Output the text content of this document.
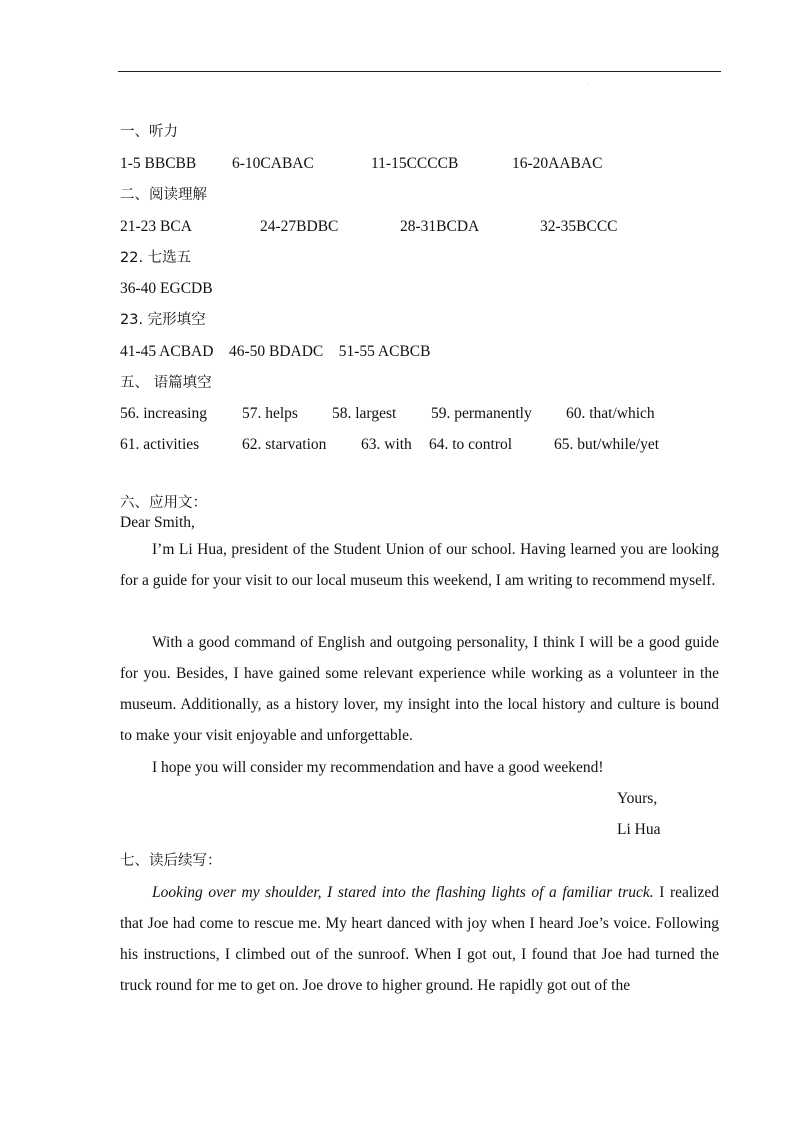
·
一、听力
1-5 BBCBB 6-10CABAC	11-15CCCCB	16-20AABAC
二、阅读理解
21-23 BCA	24-27BDBC	28-31BCDA	32-35BCCC
22. 七选五
36-40 EGCDB
23. 完形填空
41-45 ACBAD    46-50 BDADC    51-55 ACBCB
五、 语篇填空
56. increasing 57. helps 58. largest 59. permanently 60. that/which
61. activities	62. starvation 63. with 64. to control	65. but/while/yet
六、应用文：
Dear Smith,
I’m Li Hua, president of the Student Union of our school. Having learned you are looking for a guide for your visit to our local museum this weekend, I am writing to recommend myself.
With a good command of English and outgoing personality, I think I will be a good guide for you. Besides, I have gained some relevant experience while working as a volunteer in the museum. Additionally, as a history lover, my insight into the local history and culture is bound to make your visit enjoyable and unforgettable.
I hope you will consider my recommendation and have a good weekend!
Yours,
Li Hua
七、读后续写：
Looking over my shoulder, I stared into the flashing lights of a familiar truck. I realized that Joe had come to rescue me. My heart danced with joy when I heard Joe’s voice. Following his instructions, I climbed out of the sunroof. When I got out, I found that Joe had turned the truck round for me to get on. Joe drove to higher ground. He rapidly got out of the
